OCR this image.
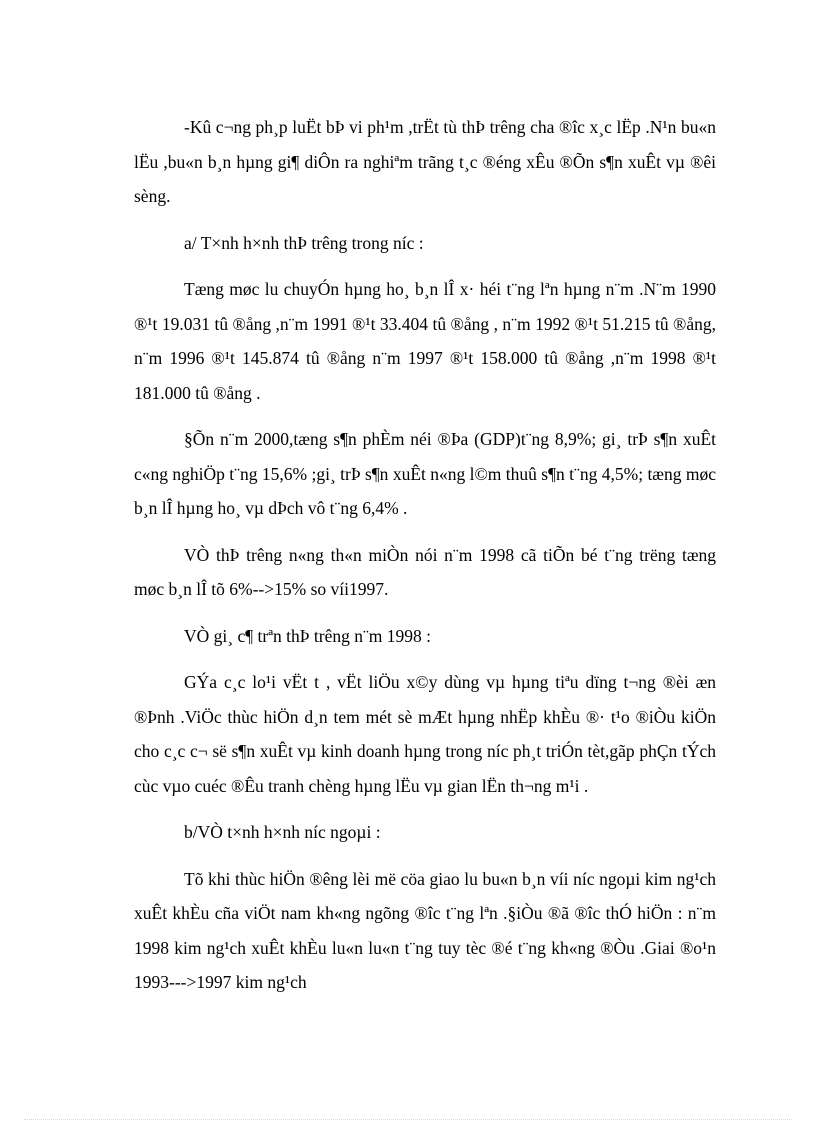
-Kû c¬ng ph¸p luËt bÞ vi ph¹m ,trËt tù thÞ trêng cha ®îc x¸c lËp .N¹n bu«n lËu ,bu«n b¸n hµng gi¶ diÔn ra nghiªm trãng t¸c ®éng xÊu ®Õn s¶n xuÊt vµ ®êi sèng.

a/ T×nh h×nh thÞ trêng trong níc :

Tæng møc lu chuyÓn hµng ho¸ b¸n lÎ x· héi t¨ng lªn hµng n¨m .N¨m 1990 ®¹t 19.031 tû ®ång ,n¨m 1991 ®¹t 33.404 tû ®ång , n¨m 1992 ®¹t 51.215 tû ®ång, n¨m 1996 ®¹t 145.874 tû ®ång n¨m 1997 ®¹t 158.000 tû ®ång ,n¨m 1998 ®¹t 181.000 tû ®ång .

§Õn n¨m 2000,tæng s¶n phÈm néi ®Þa (GDP)t¨ng 8,9%; gi¸ trÞ s¶n xuÊt c«ng nghiÖp t¨ng 15,6% ;gi¸ trÞ s¶n xuÊt n«ng l©m thuû s¶n t¨ng 4,5%; tæng møc b¸n lÎ hµng ho¸ vµ dÞch vô t¨ng 6,4% .

VÒ thÞ trêng n«ng th«n miÒn nói n¨m 1998 cã tiÕn bé t¨ng trëng tæng møc b¸n lÎ tõ 6%-->15% so víi1997.

VÒ gi¸ c¶ trªn thÞ trêng n¨m 1998 :

GÝa c¸c lo¹i vËt t , vËt liÖu x©y dùng vµ hµng tiªu dïng t¬ng ®èi æn ®Þnh .ViÖc thùc hiÖn d¸n tem mét sè mÆt hµng nhËp khÈu ®· t¹o ®iÒu kiÖn cho c¸c c¬ së s¶n xuÊt vµ kinh doanh hµng trong níc ph¸t triÓn tèt,gãp phÇn tÝch cùc vµo cuéc ®Êu tranh chèng hµng lËu vµ gian lËn th¬ng m¹i .

b/VÒ t×nh h×nh níc ngoµi :

Tõ khi thùc hiÖn ®êng lèi më cöa giao lu bu«n b¸n víi níc ngoµi kim ng¹ch xuÊt khÈu cña viÖt nam kh«ng ngõng ®îc t¨ng lªn .§iÒu ®ã ®îc thÓ hiÖn : n¨m 1998 kim ng¹ch xuÊt khÈu lu«n lu«n t¨ng tuy tèc ®é t¨ng kh«ng ®Òu .Giai ®o¹n 1993--->1997 kim ng¹ch
